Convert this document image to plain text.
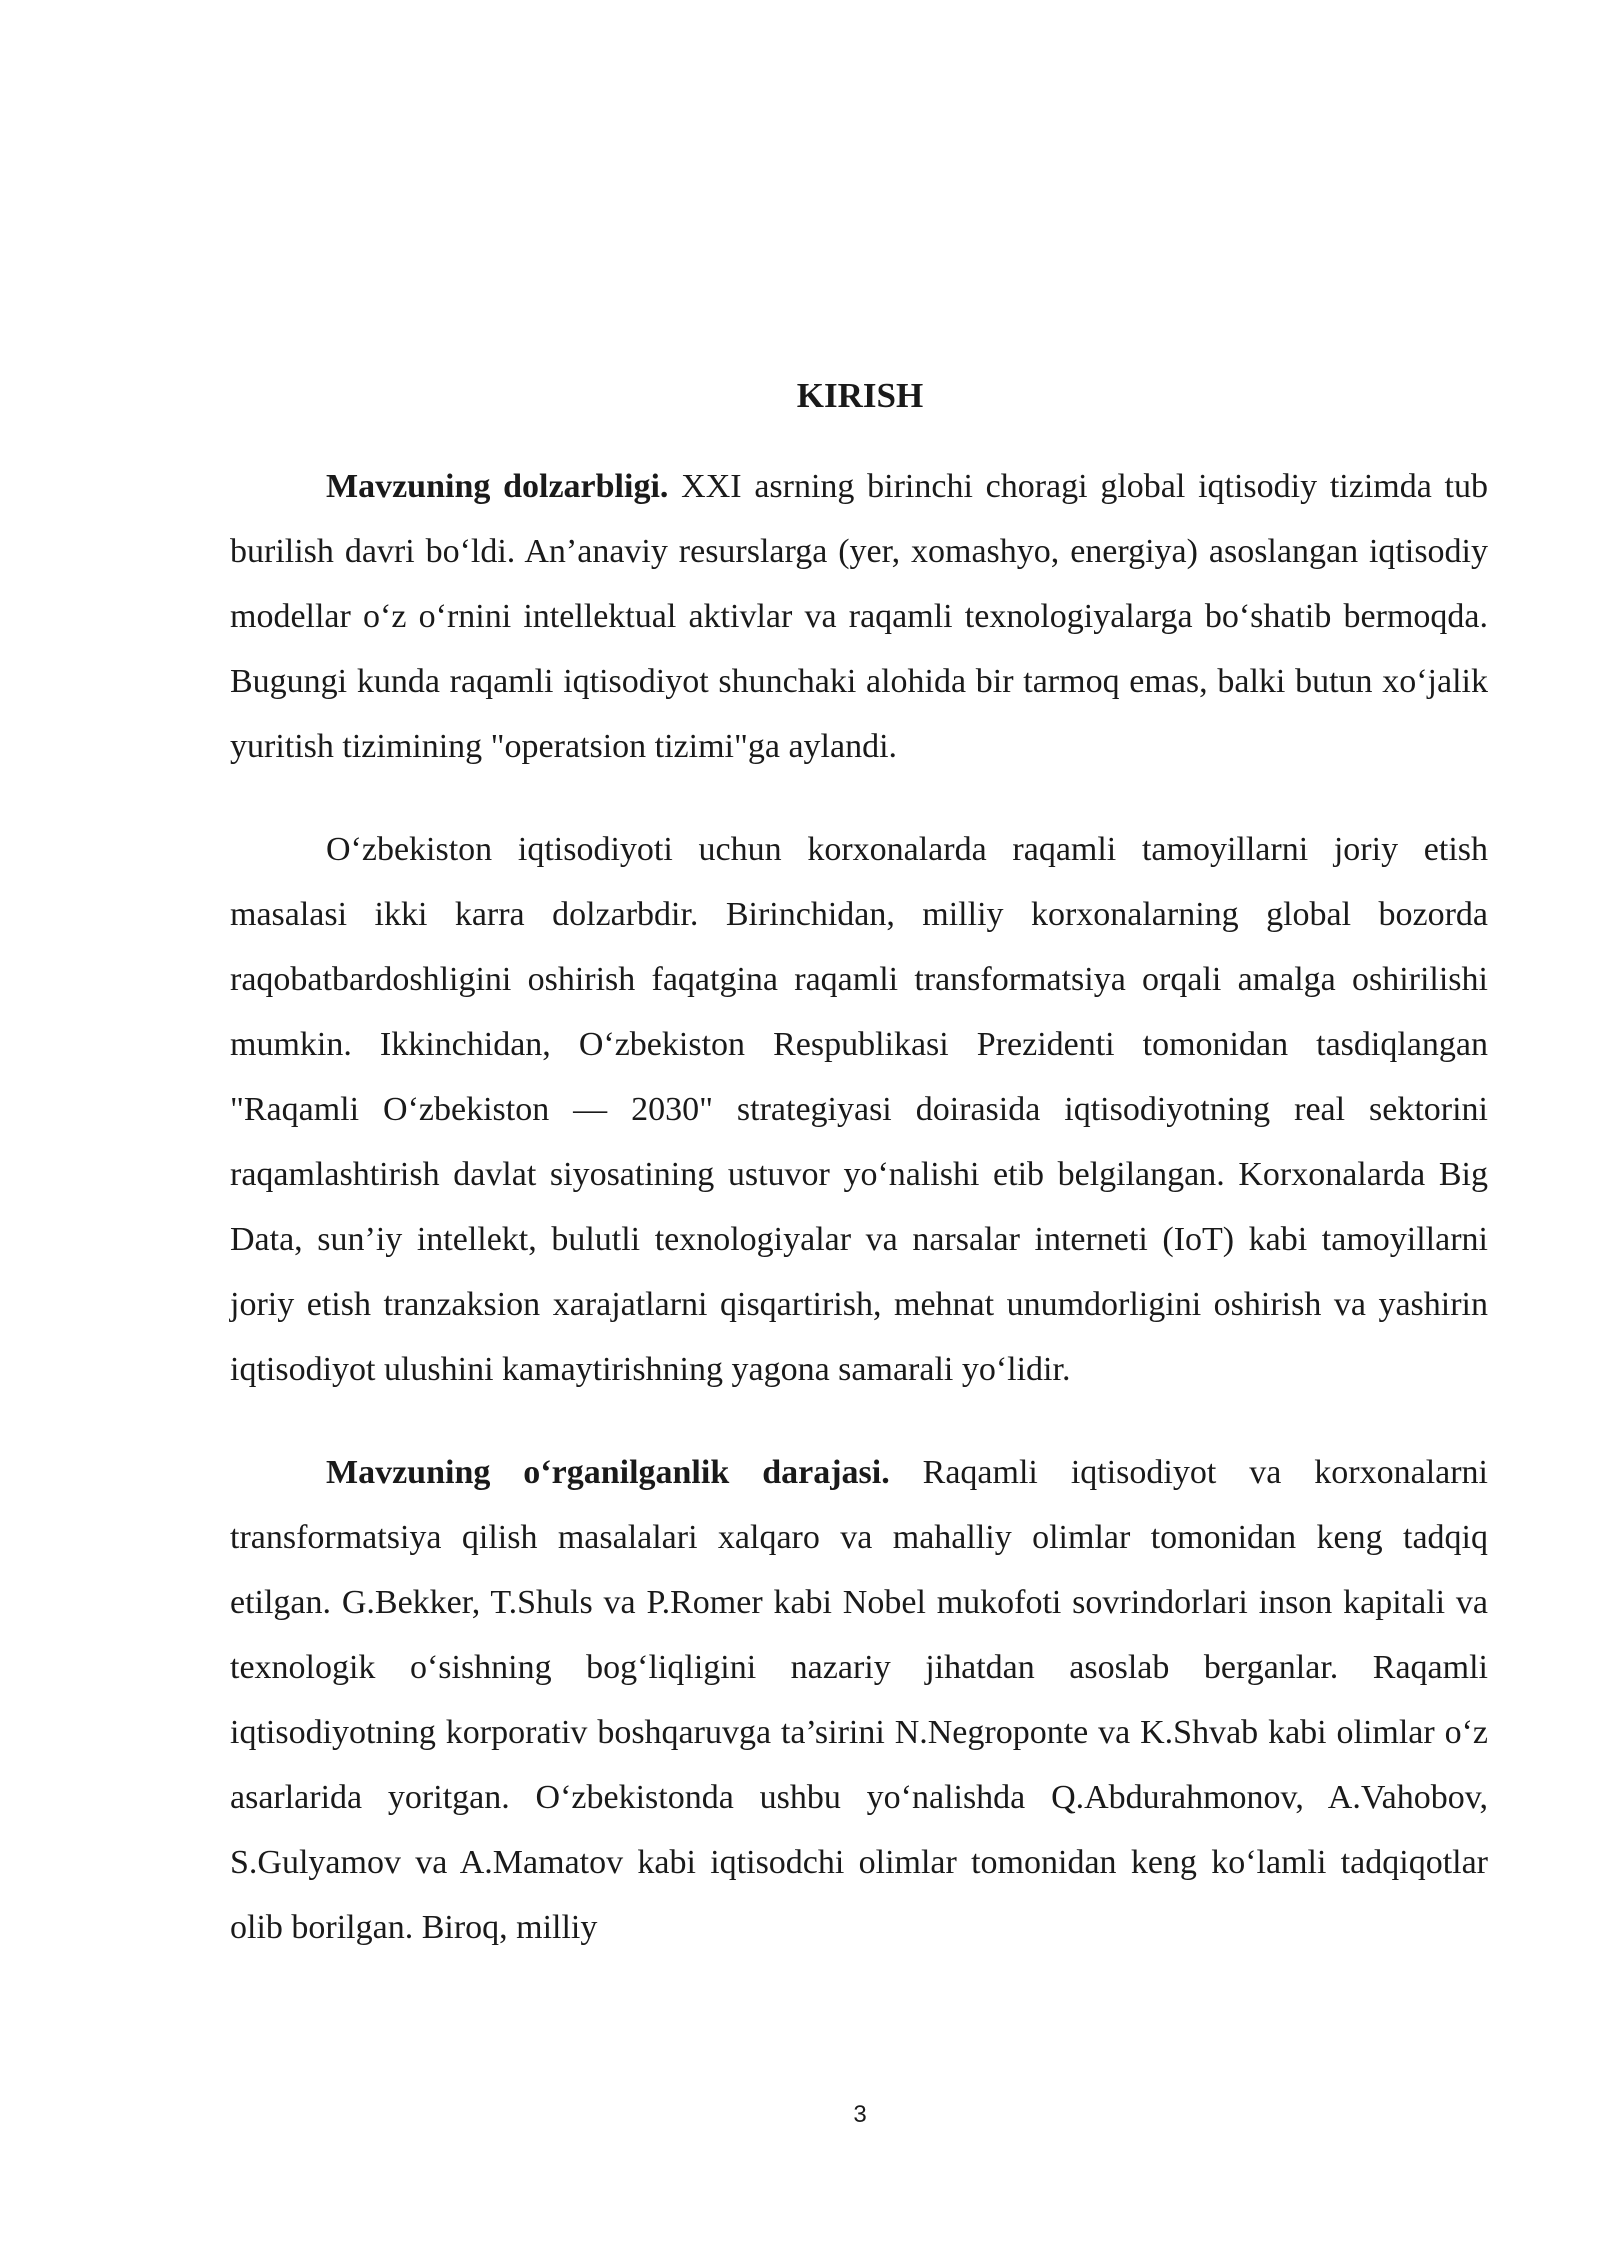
KIRISH

Mavzuning dolzarbligi. XXI asrning birinchi choragi global iqtisodiy tizimda tub burilish davri bo‘ldi. An’anaviy resurslarga (yer, xomashyo, energiya) asoslangan iqtisodiy modellar o‘z o‘rnini intellektual aktivlar va raqamli texnologiyalarga bo‘shatib bermoqda. Bugungi kunda raqamli iqtisodiyot shunchaki alohida bir tarmoq emas, balki butun xo‘jalik yuritish tizimining "operatsion tizimi"ga aylandi.

O‘zbekiston iqtisodiyoti uchun korxonalarda raqamli tamoyillarni joriy etish masalasi ikki karra dolzarbdir. Birinchidan, milliy korxonalarning global bozorda raqobatbardoshligini oshirish faqatgina raqamli transformatsiya orqali amalga oshirilishi mumkin. Ikkinchidan, O‘zbekiston Respublikasi Prezidenti tomonidan tasdiqlangan "Raqamli O‘zbekiston — 2030" strategiyasi doirasida iqtisodiyotning real sektorini raqamlashtirish davlat siyosatining ustuvor yo‘nalishi etib belgilangan. Korxonalarda Big Data, sun’iy intellekt, bulutli texnologiyalar va narsalar interneti (IoT) kabi tamoyillarni joriy etish tranzaksion xarajatlarni qisqartirish, mehnat unumdorligini oshirish va yashirin iqtisodiyot ulushini kamaytirishning yagona samarali yo‘lidir.

Mavzuning o‘rganilganlik darajasi. Raqamli iqtisodiyot va korxonalarni transformatsiya qilish masalalari xalqaro va mahalliy olimlar tomonidan keng tadqiq etilgan. G.Bekker, T.Shuls va P.Romer kabi Nobel mukofoti sovrindorlari inson kapitali va texnologik o‘sishning bog‘liqligini nazariy jihatdan asoslab berganlar. Raqamli iqtisodiyotning korporativ boshqaruvga ta’sirini N.Negroponte va K.Shvab kabi olimlar o‘z asarlarida yoritgan. O‘zbekistonda ushbu yo‘nalishda Q.Abdurahmonov, A.Vahobov, S.Gulyamov va A.Mamatov kabi iqtisodchi olimlar tomonidan keng ko‘lamli tadqiqotlar olib borilgan. Biroq, milliy

3
